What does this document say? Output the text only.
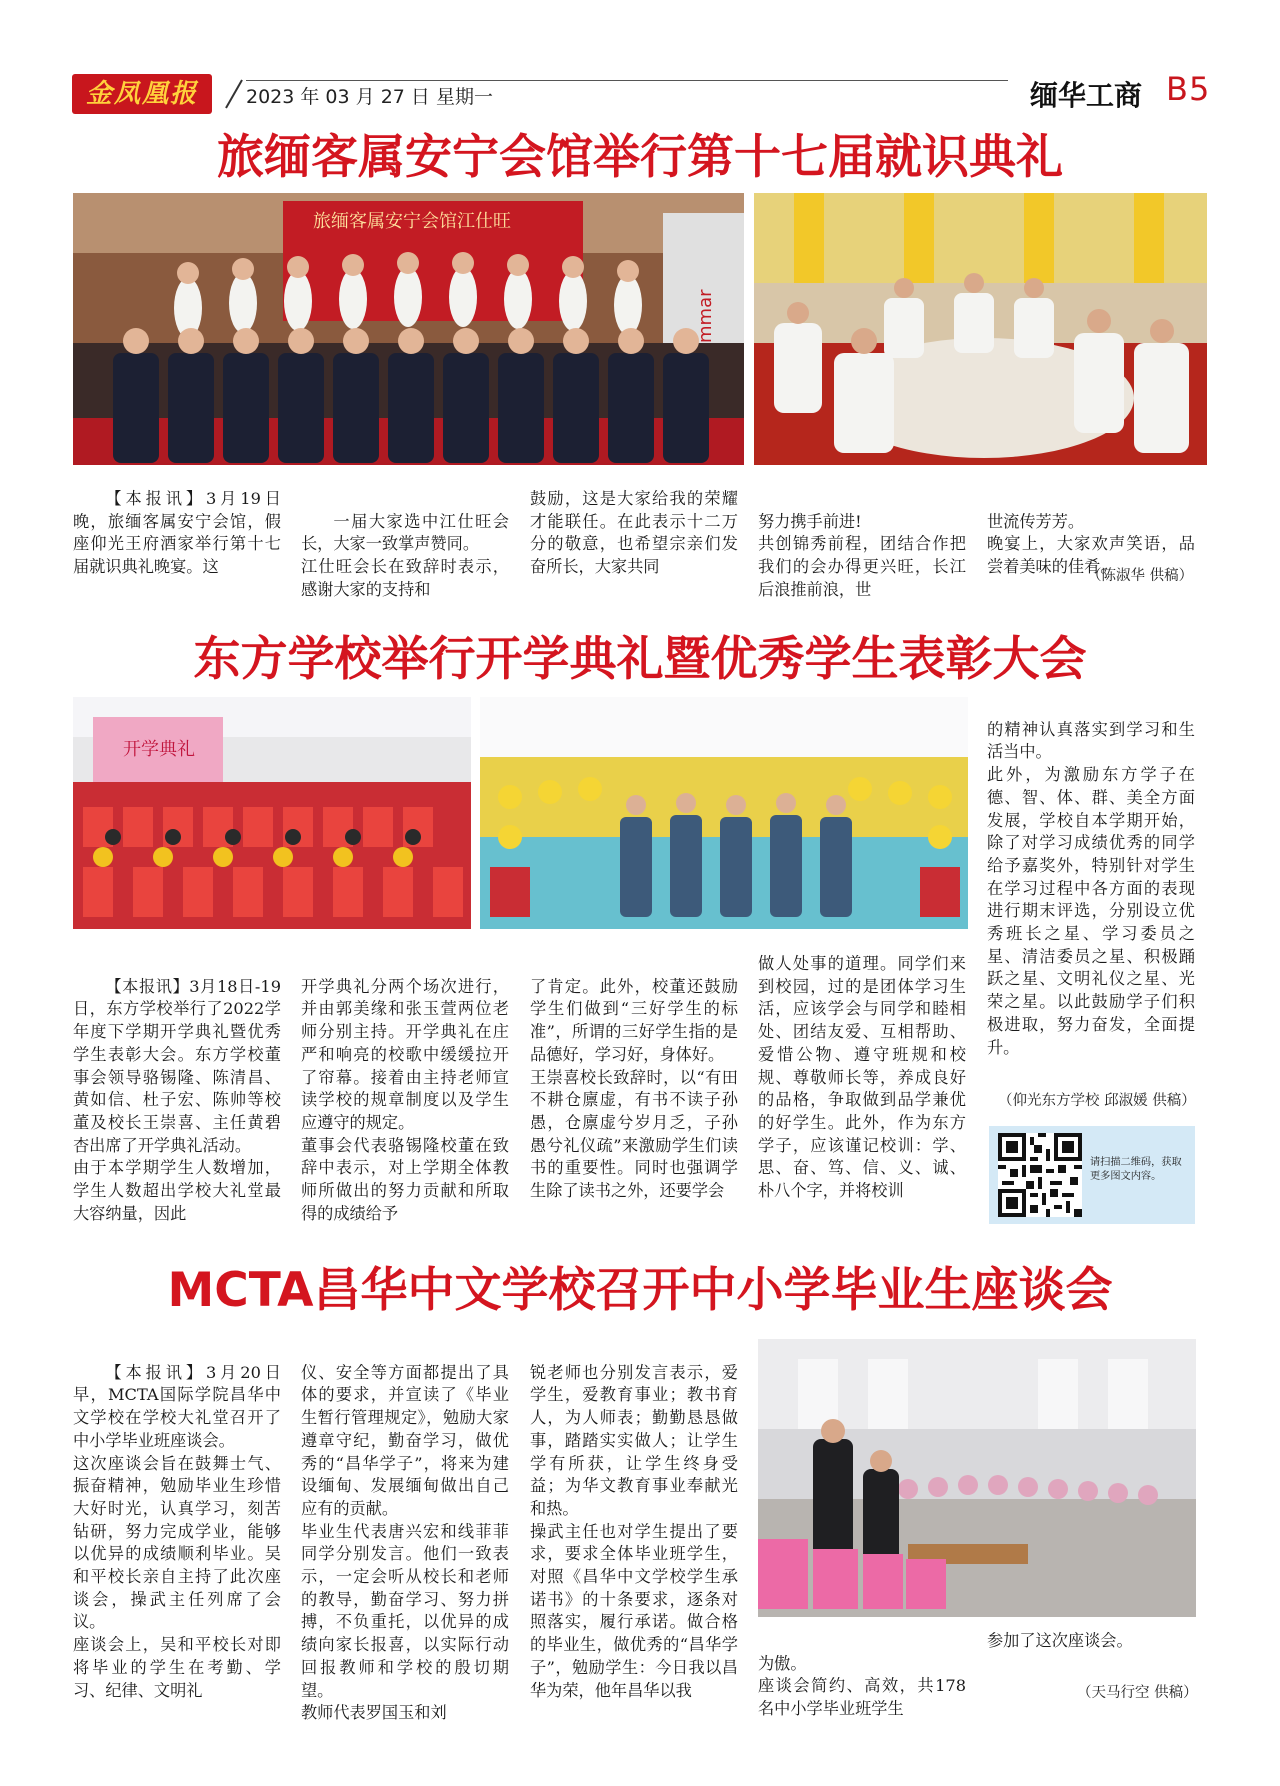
金凤凰报	2023 年 03 月 27 日 星期一	缅华工商 B5
旅缅客属安宁会馆举行第十七届就识典礼
旅缅客属安宁会馆江仕旺
mmar

【本报讯】3月19日晚，旅缅客属安宁会馆，假座仰光王府酒家举行第十七届就识典礼晚宴。这

一届大家选中江仕旺会长，大家一致掌声赞同。
江仕旺会长在致辞时表示，感谢大家的支持和

鼓励，这是大家给我的荣耀才能联任。在此表示十二万分的敬意，也希望宗亲们发奋所长，大家共同

努力携手前进!
共创锦秀前程，团结合作把我们的会办得更兴旺，长江后浪推前浪，世

世流传芳芳。
晚宴上，大家欢声笑语，品尝着美味的佳肴。

（陈淑华 供稿）
东方学校举行开学典礼暨优秀学生表彰大会
开学典礼

【本报讯】3月18日-19日，东方学校举行了2022学年度下学期开学典礼暨优秀学生表彰大会。东方学校董事会领导骆锡隆、陈清昌、黄如信、杜子宏、陈帅等校董及校长王崇喜、主任黄碧杏出席了开学典礼活动。
由于本学期学生人数增加，学生人数超出学校大礼堂最大容纳量，因此

开学典礼分两个场次进行，并由郭美缘和张玉萱两位老师分别主持。开学典礼在庄严和响亮的校歌中缓缓拉开了帘幕。接着由主持老师宣读学校的规章制度以及学生应遵守的规定。
董事会代表骆锡隆校董在致辞中表示，对上学期全体教师所做出的努力贡献和所取得的成绩给予

了肯定。此外，校董还鼓励学生们做到“三好学生的标准”，所谓的三好学生指的是品德好，学习好，身体好。
王崇喜校长致辞时，以“有田不耕仓廪虚，有书不读子孙愚，仓廪虚兮岁月乏，子孙愚兮礼仪疏”来激励学生们读书的重要性。同时也强调学生除了读书之外，还要学会

做人处事的道理。同学们来到校园，过的是团体学习生活，应该学会与同学和睦相处、团结友爱、互相帮助、爱惜公物、遵守班规和校规、尊敬师长等，养成良好的品格，争取做到品学兼优的好学生。此外，作为东方学子，应该谨记校训：学、思、奋、笃、信、义、诚、朴八个字，并将校训

的精神认真落实到学习和生活当中。
此外，为激励东方学子在德、智、体、群、美全方面发展，学校自本学期开始，除了对学习成绩优秀的同学给予嘉奖外，特别针对学生在学习过程中各方面的表现进行期末评选，分别设立优秀班长之星、学习委员之星、清洁委员之星、积极踊跃之星、文明礼仪之星、光荣之星。以此鼓励学子们积极进取，努力奋发，全面提升。

（仰光东方学校 邱淑媛 供稿）
请扫描二维码，获取更多图文内容。
MCTA昌华中文学校召开中小学毕业生座谈会

【本报讯】3月20日早，MCTA国际学院昌华中文学校在学校大礼堂召开了中小学毕业班座谈会。
这次座谈会旨在鼓舞士气、振奋精神，勉励毕业生珍惜大好时光，认真学习，刻苦钻研，努力完成学业，能够以优异的成绩顺利毕业。吴和平校长亲自主持了此次座谈会，操武主任列席了会议。
座谈会上，吴和平校长对即将毕业的学生在考勤、学习、纪律、文明礼

仪、安全等方面都提出了具体的要求，并宣读了《毕业生暂行管理规定》，勉励大家遵章守纪，勤奋学习，做优秀的“昌华学子”，将来为建设缅甸、发展缅甸做出自己应有的贡献。
毕业生代表唐兴宏和线菲菲同学分别发言。他们一致表示，一定会听从校长和老师的教导，勤奋学习、努力拼搏，不负重托，以优异的成绩向家长报喜，以实际行动回报教师和学校的殷切期望。
教师代表罗国玉和刘

锐老师也分别发言表示，爱学生，爱教育事业；教书育人，为人师表；勤勤恳恳做事，踏踏实实做人；让学生学有所获，让学生终身受益；为华文教育事业奉献光和热。
操武主任也对学生提出了要求，要求全体毕业班学生，对照《昌华中文学校学生承诺书》的十条要求，逐条对照落实，履行承诺。做合格的毕业生，做优秀的“昌华学子”，勉励学生：今日我以昌华为荣，他年昌华以我

为傲。
座谈会简约、高效，共178名中小学毕业班学生

参加了这次座谈会。

（天马行空 供稿）
